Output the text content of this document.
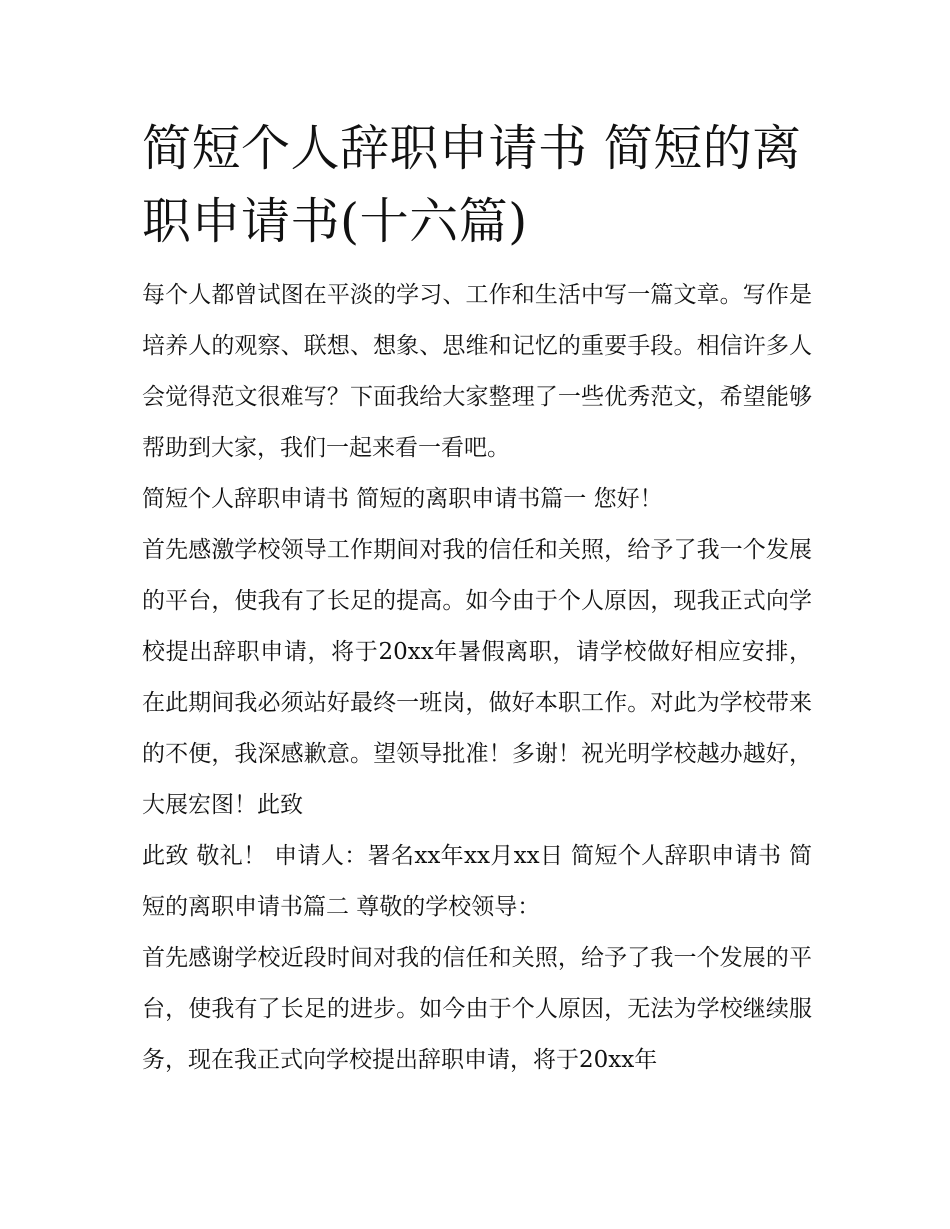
简短个人辞职申请书 简短的离职申请书(十六篇)

每个人都曾试图在平淡的学习、工作和生活中写一篇文章。写作是培养人的观察、联想、想象、思维和记忆的重要手段。相信许多人会觉得范文很难写？下面我给大家整理了一些优秀范文，希望能够帮助到大家，我们一起来看一看吧。

简短个人辞职申请书 简短的离职申请书篇一 您好！

首先感激学校领导工作期间对我的信任和关照，给予了我一个发展的平台，使我有了长足的提高。如今由于个人原因，现我正式向学校提出辞职申请，将于20xx年暑假离职，请学校做好相应安排，在此期间我必须站好最终一班岗，做好本职工作。对此为学校带来的不便，我深感歉意。望领导批准！多谢！祝光明学校越办越好，大展宏图！此致

此致 敬礼！ 申请人：署名xx年xx月xx日 简短个人辞职申请书 简短的离职申请书篇二 尊敬的学校领导：

首先感谢学校近段时间对我的信任和关照，给予了我一个发展的平台，使我有了长足的进步。如今由于个人原因，无法为学校继续服务，现在我正式向学校提出辞职申请，将于20xx年
